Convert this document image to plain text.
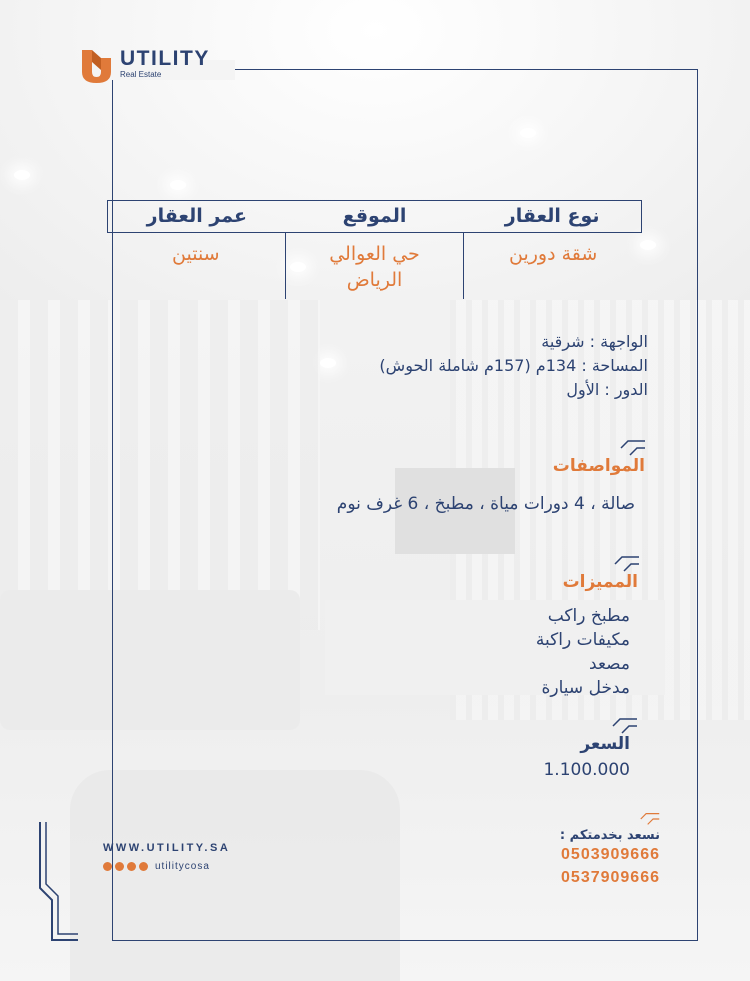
UTILITY
Real Estate
نوع العقار
الموقع
عمر العقار
شقة دورين
حي العوالي
الرياض
سنتين
الواجهة : شرقية
المساحة : 134م (157م شاملة الحوش)
الدور : الأول
المواصفات
صالة ، 4 دورات مياة ، مطبخ ، 6 غرف نوم
المميزات
مطبخ راكب
مكيفات راكبة
مصعد
مدخل سيارة
السعر
1.100.000
نسعد بخدمتكم :
0503909666
0537909666
WWW.UTILITY.SA
utilitycosa
